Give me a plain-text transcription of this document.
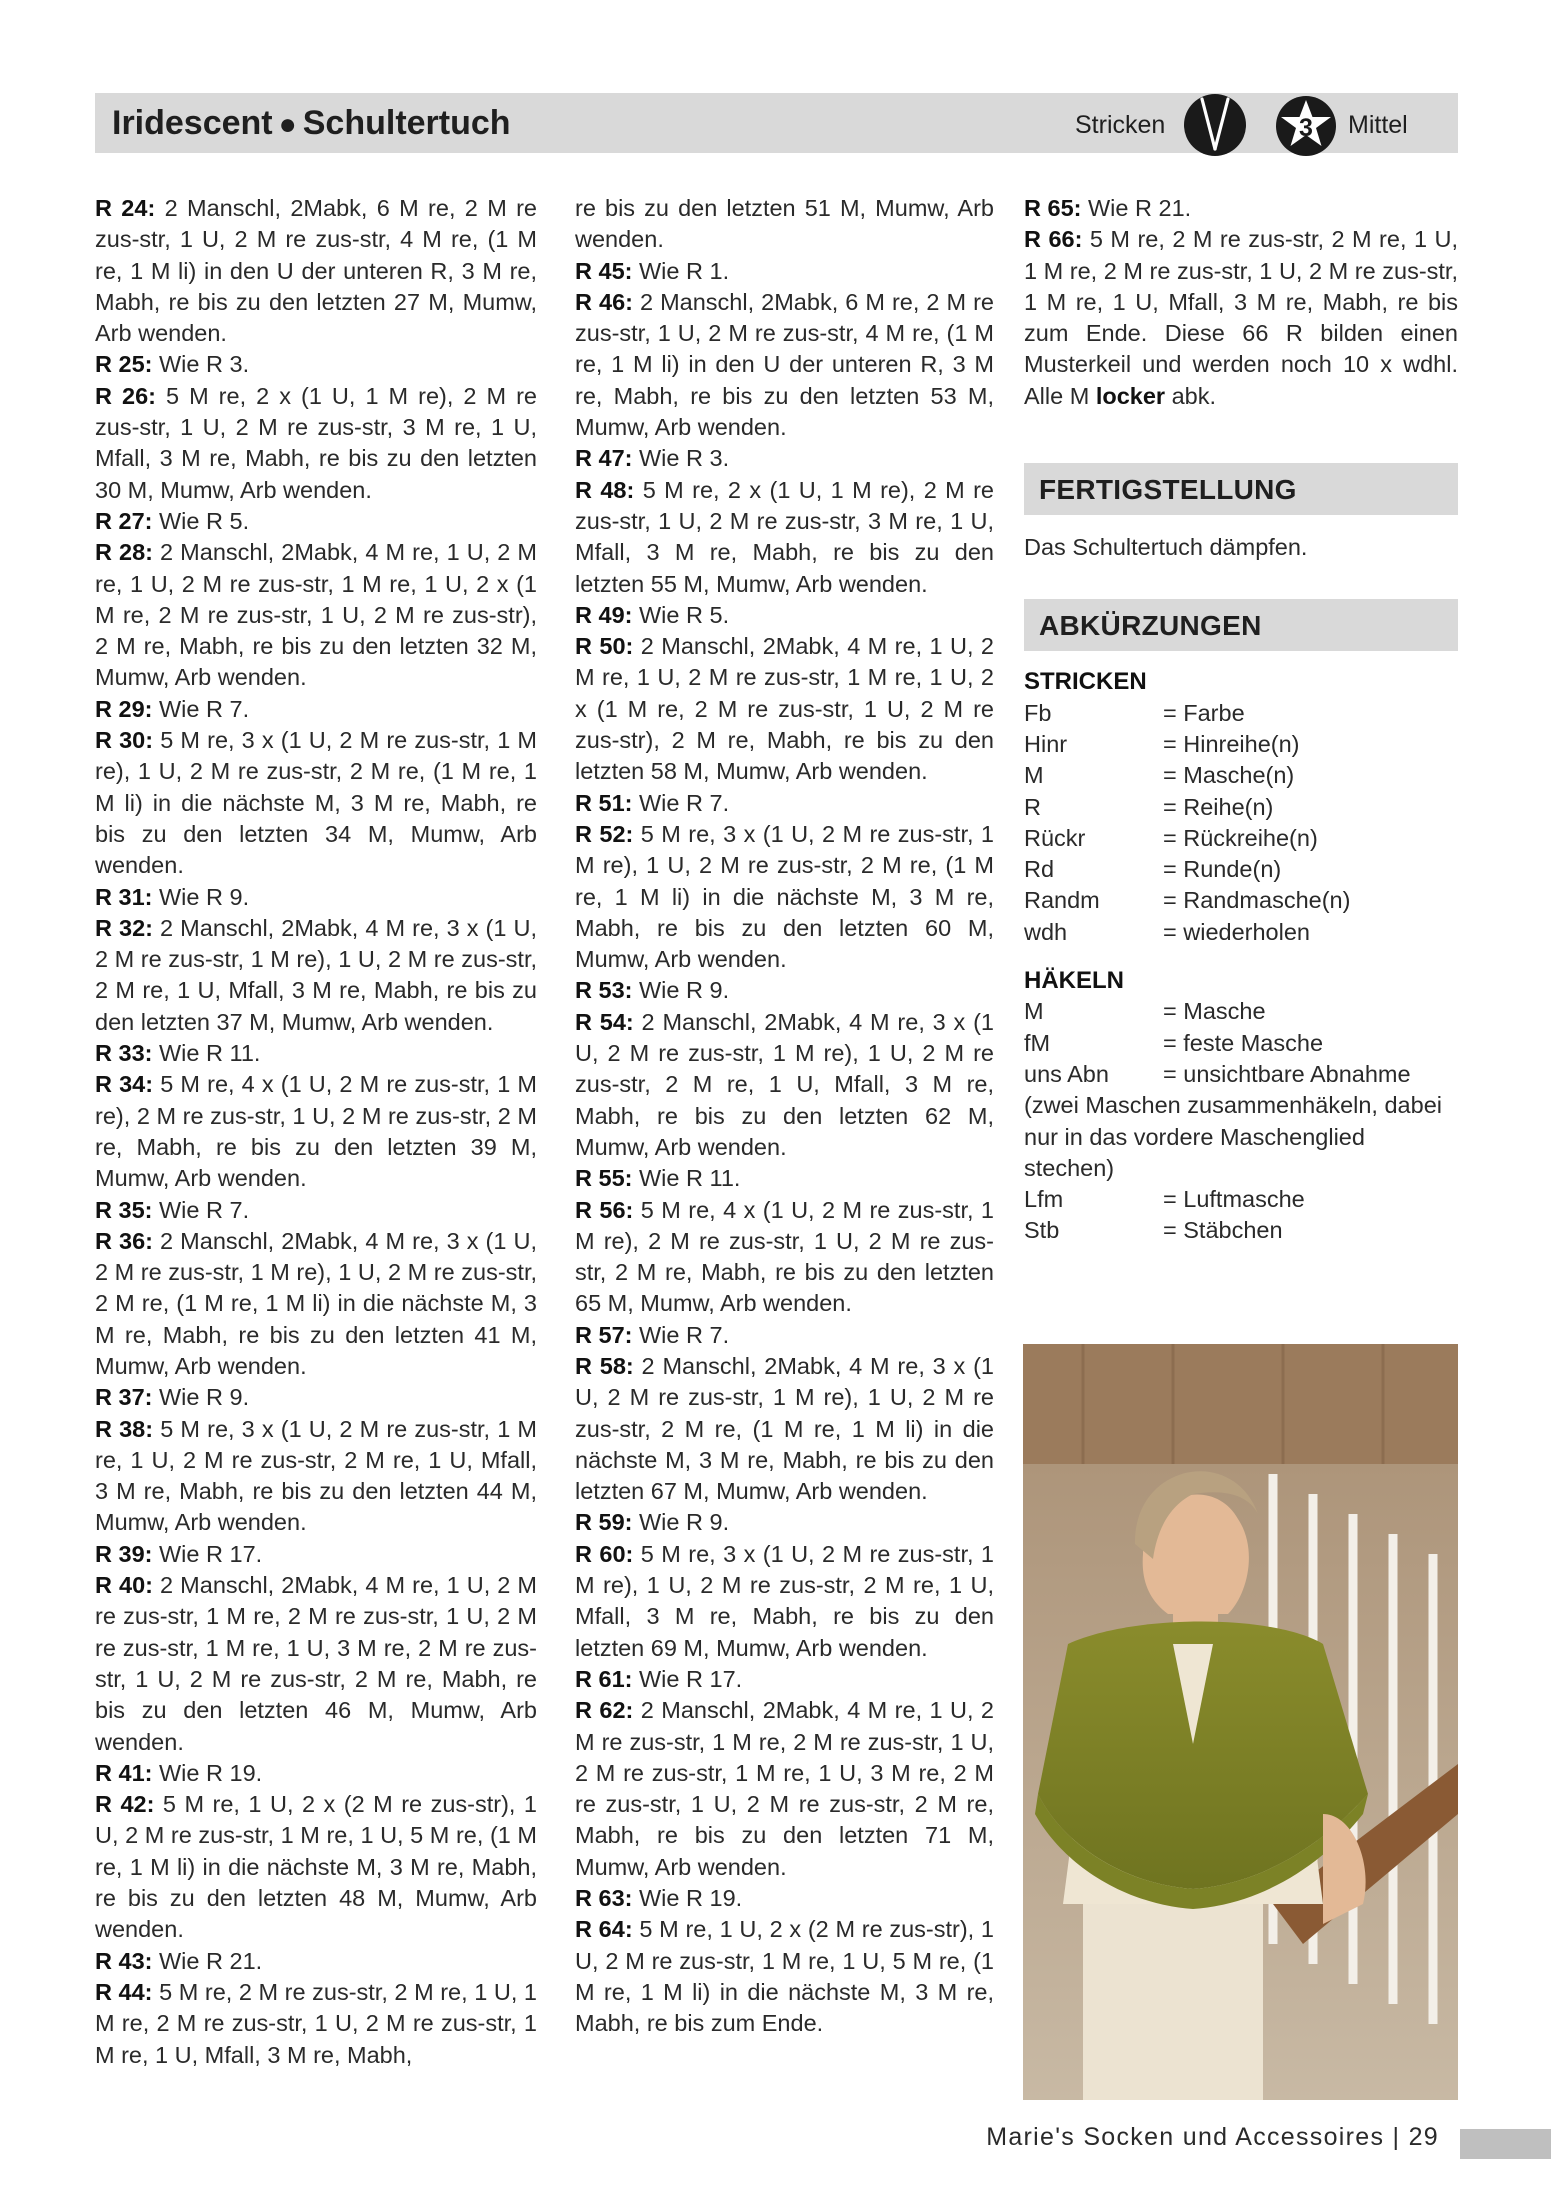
Iridescent ● Schultertuch	Stricken	Mittel
3

R 24: 2 Manschl, 2Mabk, 6 M re, 2 M re zus-str, 1 U, 2 M re zus-str, 4 M re, (1 M re, 1 M li) in den U der unteren R, 3 M re, Mabh, re bis zu den letzten 27 M, Mumw, Arb wenden.

R 25: Wie R 3.

R 26: 5 M re, 2 x (1 U, 1 M re), 2 M re zus-str, 1 U, 2 M re zus-str, 3 M re, 1 U, Mfall, 3 M re, Mabh, re bis zu den letzten 30 M, Mumw, Arb wenden.

R 27: Wie R 5.

R 28: 2 Manschl, 2Mabk, 4 M re, 1 U, 2 M re, 1 U, 2 M re zus-str, 1 M re, 1 U, 2 x (1 M re, 2 M re zus-str, 1 U, 2 M re zus-str), 2 M re, Mabh, re bis zu den letzten 32 M, Mumw, Arb wenden.

R 29: Wie R 7.

R 30: 5 M re, 3 x (1 U, 2 M re zus-str, 1 M re), 1 U, 2 M re zus-str, 2 M re, (1 M re, 1 M li) in die nächste M, 3 M re, Mabh, re bis zu den letzten 34 M, Mumw, Arb wenden.

R 31: Wie R 9.

R 32: 2 Manschl, 2Mabk, 4 M re, 3 x (1 U, 2 M re zus-str, 1 M re), 1 U, 2 M re zus-str, 2 M re, 1 U, Mfall, 3 M re, Mabh, re bis zu den letzten 37 M, Mumw, Arb wenden.

R 33: Wie R 11.

R 34: 5 M re, 4 x (1 U, 2 M re zus-str, 1 M re), 2 M re zus-str, 1 U, 2 M re zus-str, 2 M re, Mabh, re bis zu den letzten 39 M, Mumw, Arb wenden.

R 35: Wie R 7.

R 36: 2 Manschl, 2Mabk, 4 M re, 3 x (1 U, 2 M re zus-str, 1 M re), 1 U, 2 M re zus-str, 2 M re, (1 M re, 1 M li) in die nächste M, 3 M re, Mabh, re bis zu den letzten 41 M, Mumw, Arb wenden.

R 37: Wie R 9.

R 38: 5 M re, 3 x (1 U, 2 M re zus-str, 1 M re, 1 U, 2 M re zus-str, 2 M re, 1 U, Mfall, 3 M re, Mabh, re bis zu den letzten 44 M, Mumw, Arb wenden.

R 39: Wie R 17.

R 40: 2 Manschl, 2Mabk, 4 M re, 1 U, 2 M re zus-str, 1 M re, 2 M re zus-str, 1 U, 2 M re zus-str, 1 M re, 1 U, 3 M re, 2 M re zus-str, 1 U, 2 M re zus-str, 2 M re, Mabh, re bis zu den letzten 46 M, Mumw, Arb wenden.

R 41: Wie R 19.

R 42: 5 M re, 1 U, 2 x (2 M re zus-str), 1 U, 2 M re zus-str, 1 M re, 1 U, 5 M re, (1 M re, 1 M li) in die nächste M, 3 M re, Mabh, re bis zu den letzten 48 M, Mumw, Arb wenden.

R 43: Wie R 21.

R 44: 5 M re, 2 M re zus-str, 2 M re, 1 U, 1 M re, 2 M re zus-str, 1 U, 2 M re zus-str, 1 M re, 1 U, Mfall, 3 M re, Mabh,

re bis zu den letzten 51 M, Mumw, Arb wenden.

R 45: Wie R 1.

R 46: 2 Manschl, 2Mabk, 6 M re, 2 M re zus-str, 1 U, 2 M re zus-str, 4 M re, (1 M re, 1 M li) in den U der unteren R, 3 M re, Mabh, re bis zu den letzten 53 M, Mumw, Arb wenden.

R 47: Wie R 3.

R 48: 5 M re, 2 x (1 U, 1 M re), 2 M re zus-str, 1 U, 2 M re zus-str, 3 M re, 1 U, Mfall, 3 M re, Mabh, re bis zu den letzten 55 M, Mumw, Arb wenden.

R 49: Wie R 5.

R 50: 2 Manschl, 2Mabk, 4 M re, 1 U, 2 M re, 1 U, 2 M re zus-str, 1 M re, 1 U, 2 x (1 M re, 2 M re zus-str, 1 U, 2 M re zus-str), 2 M re, Mabh, re bis zu den letzten 58 M, Mumw, Arb wenden.

R 51: Wie R 7.

R 52: 5 M re, 3 x (1 U, 2 M re zus-str, 1 M re), 1 U, 2 M re zus-str, 2 M re, (1 M re, 1 M li) in die nächste M, 3 M re, Mabh, re bis zu den letzten 60 M, Mumw, Arb wenden.

R 53: Wie R 9.

R 54: 2 Manschl, 2Mabk, 4 M re, 3 x (1 U, 2 M re zus-str, 1 M re), 1 U, 2 M re zus-str, 2 M re, 1 U, Mfall, 3 M re, Mabh, re bis zu den letzten 62 M, Mumw, Arb wenden.

R 55: Wie R 11.

R 56: 5 M re, 4 x (1 U, 2 M re zus-str, 1 M re), 2 M re zus-str, 1 U, 2 M re zus-str, 2 M re, Mabh, re bis zu den letzten 65 M, Mumw, Arb wenden.

R 57: Wie R 7.

R 58: 2 Manschl, 2Mabk, 4 M re, 3 x (1 U, 2 M re zus-str, 1 M re), 1 U, 2 M re zus-str, 2 M re, (1 M re, 1 M li) in die nächste M, 3 M re, Mabh, re bis zu den letzten 67 M, Mumw, Arb wenden.

R 59: Wie R 9.

R 60: 5 M re, 3 x (1 U, 2 M re zus-str, 1 M re), 1 U, 2 M re zus-str, 2 M re, 1 U, Mfall, 3 M re, Mabh, re bis zu den letzten 69 M, Mumw, Arb wenden.

R 61: Wie R 17.

R 62: 2 Manschl, 2Mabk, 4 M re, 1 U, 2 M re zus-str, 1 M re, 2 M re zus-str, 1 U, 2 M re zus-str, 1 M re, 1 U, 3 M re, 2 M re zus-str, 1 U, 2 M re zus-str, 2 M re, Mabh, re bis zu den letzten 71 M, Mumw, Arb wenden.

R 63: Wie R 19.

R 64: 5 M re, 1 U, 2 x (2 M re zus-str), 1 U, 2 M re zus-str, 1 M re, 1 U, 5 M re, (1 M re, 1 M li) in die nächste M, 3 M re, Mabh, re bis zum Ende.

R 65: Wie R 21.

R 66: 5 M re, 2 M re zus-str, 2 M re, 1 U, 1 M re, 2 M re zus-str, 1 U, 2 M re zus-str, 1 M re, 1 U, Mfall, 3 M re, Mabh, re bis zum Ende. Diese 66 R bilden einen Musterkeil und werden noch 10 x wdhl. Alle M locker abk.

FERTIGSTELLUNG

Das Schultertuch dämpfen.

ABKÜRZUNGEN

STRICKEN

Fb	= Farbe
Hinr	= Hinreihe(n)
M	= Masche(n)
R	= Reihe(n)
Rückr	= Rückreihe(n)
Rd	= Runde(n)
Randm	= Randmasche(n)
wdh	= wiederholen

HÄKELN

M	= Masche
fM	= feste Masche
uns Abn	= unsichtbare Abnahme

(zwei Maschen zusammenhäkeln, dabei nur in das vordere Maschenglied stechen)

Lfm	= Luftmasche
Stb	= Stäbchen
Marie's Socken und Accessoires | 29
